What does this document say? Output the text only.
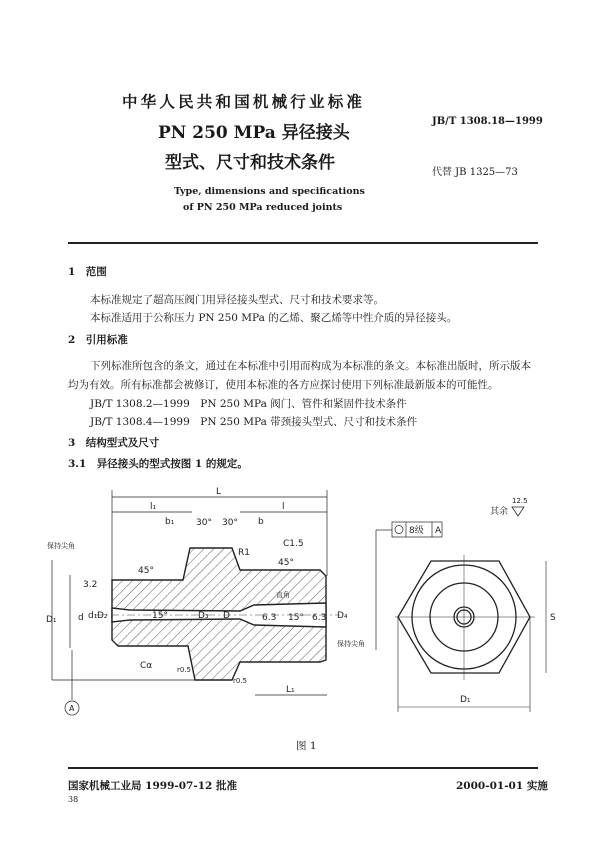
中华人民共和国机械行业标准
PN 250 MPa 异径接头
型式、尺寸和技术条件
JB/T 1308.18—1999
代替 JB 1325—73
Type, dimensions and specifications
of PN 250 MPa reduced joints
1　范围
本标准规定了超高压阀门用异径接头型式、尺寸和技术要求等。
本标准适用于公称压力 PN 250 MPa 的乙烯、聚乙烯等中性介质的异径接头。
2　引用标准
下列标准所包含的条文，通过在本标准中引用而构成为本标准的条文。本标准出版时，所示版本
均为有效。所有标准都会被修订，使用本标准的各方应探讨使用下列标准最新版本的可能性。
JB/T 1308.2—1999　PN 250 MPa 阀门、管件和紧固件技术条件
JB/T 1308.4—1999　PN 250 MPa 带颈接头型式、尺寸和技术条件
3　结构型式及尺寸
3.1　异径接头的型式按图 1 的规定。
L
l₁	l
b₁	b
30° 30°
45°
45°
C1.5
R1
Cα	r0.5
r0.5
保持尖角
保持尖角
直角
3.2
6.3	6.3
15°	15°
D₁ d d₁ D₂	D₃ D	D₄
L₁
A
8级 A
其余
12.5
S
D₁
图 1
国家机械工业局 1999-07-12 批准	2000-01-01 实施
38
